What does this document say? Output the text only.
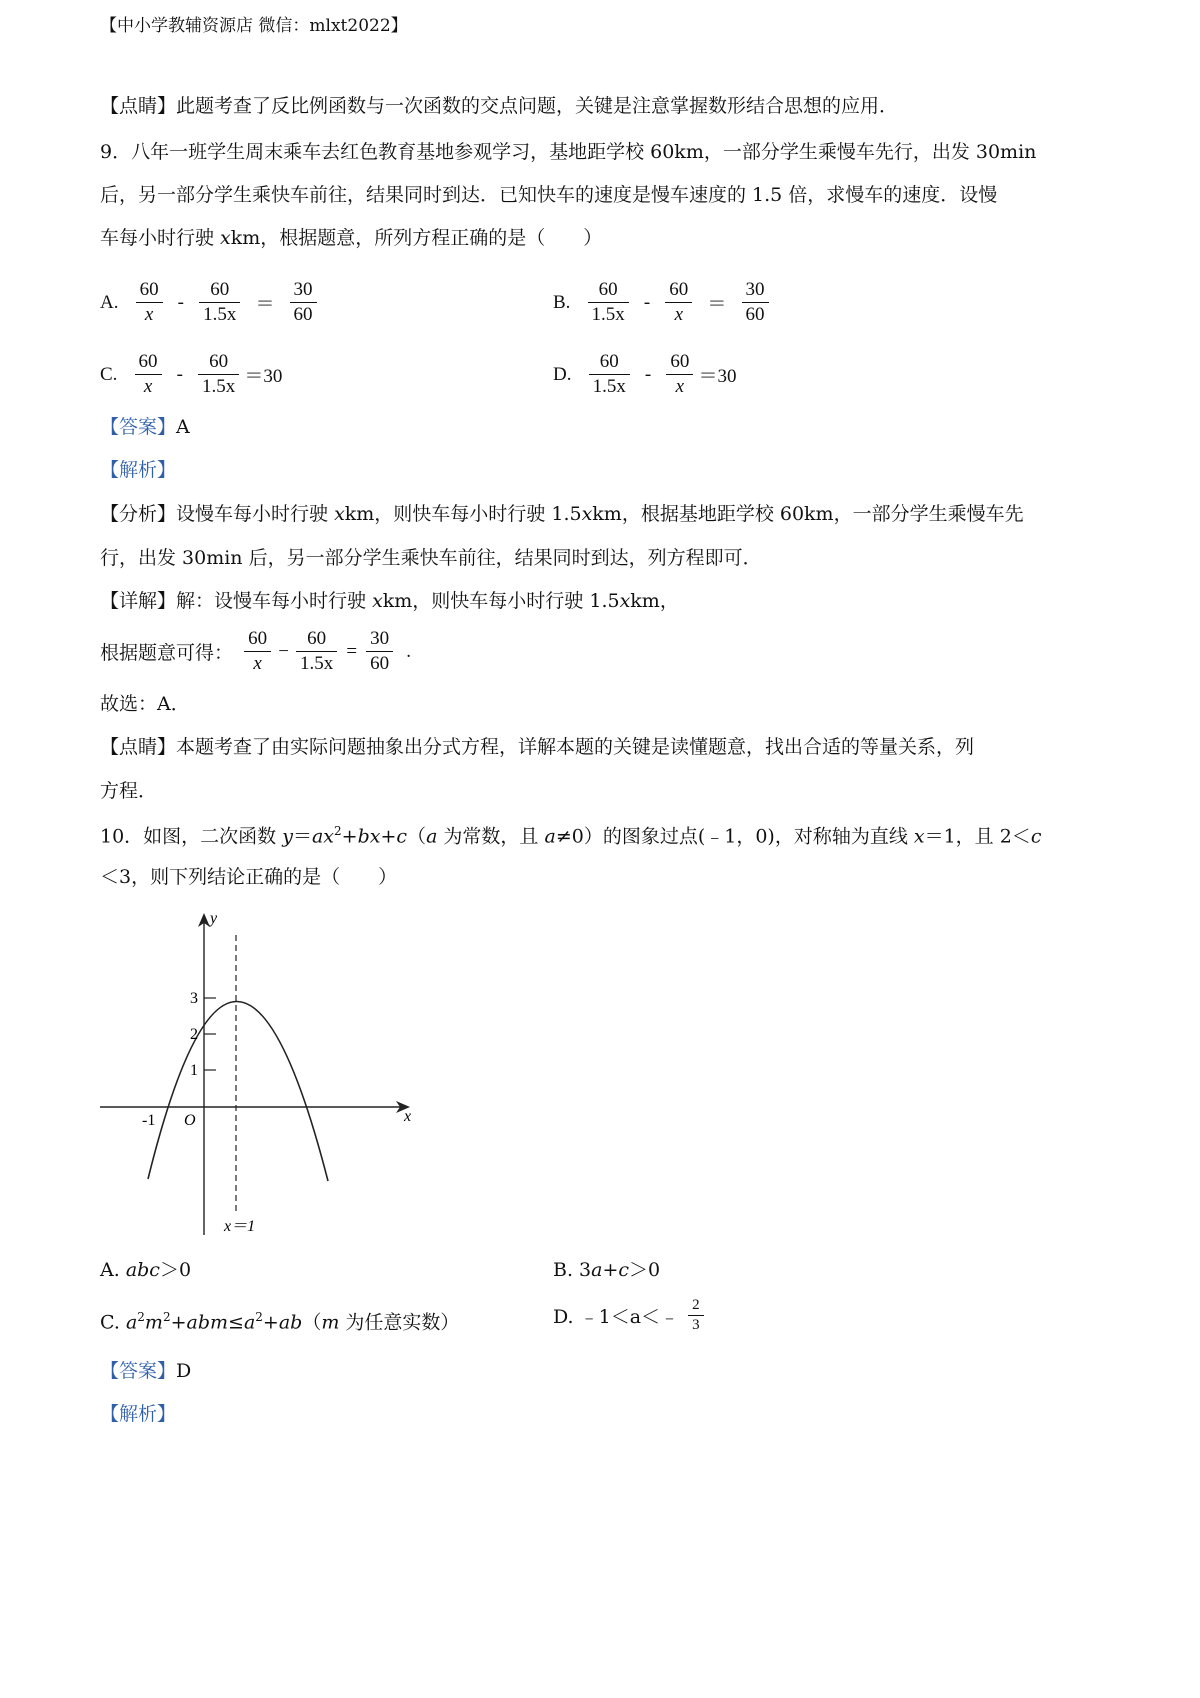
【中小学教辅资源店 微信：mlxt2022】
【点睛】此题考查了反比例函数与一次函数的交点问题，关键是注意掌握数形结合思想的应用．
9．八年一班学生周末乘车去红色教育基地参观学习，基地距学校 60km，一部分学生乘慢车先行，出发 30min
后，另一部分学生乘快车前往，结果同时到达．已知快车的速度是慢车速度的 1.5 倍，求慢车的速度．设慢
车每小时行驶 xkm，根据题意，所列方程正确的是（　　）
A. $\frac{60}{x} - \frac{60}{1.5x} = \frac{30}{60}$	B. $\frac{60}{1.5x} - \frac{60}{x} = \frac{30}{60}$
C. $\frac{60}{x} - \frac{60}{1.5x} =30$	D. $\frac{60}{1.5x} - \frac{60}{x} =30$
【答案】A
【解析】
【分析】设慢车每小时行驶 xkm，则快车每小时行驶 1.5xkm，根据基地距学校 60km，一部分学生乘慢车先
行，出发 30min 后，另一部分学生乘快车前往，结果同时到达，列方程即可．
【详解】解：设慢车每小时行驶 xkm，则快车每小时行驶 1.5xkm，
根据题意可得： $\frac{60}{x} - \frac{60}{1.5x} = \frac{30}{60}$ .
故选：A．
【点睛】本题考查了由实际问题抽象出分式方程，详解本题的关键是读懂题意，找出合适的等量关系，列
方程．
10．如图，二次函数 $y=ax^2+bx+c(a$ 为常数，且 a≠0）的图象过点(﹣1，0)，对称轴为直线 x＝1，且 2＜c
＜3，则下列结论正确的是（　　）
y
x
O
-1
1
2
3
x＝1
A. abc＞0	B. 3a+c＞0
C. $a^2m^2+abm\le a^2+ab(m$ 为任意实数）	D. ﹣1＜a＜﹣ $\frac{2}{3}$
【答案】D
【解析】
